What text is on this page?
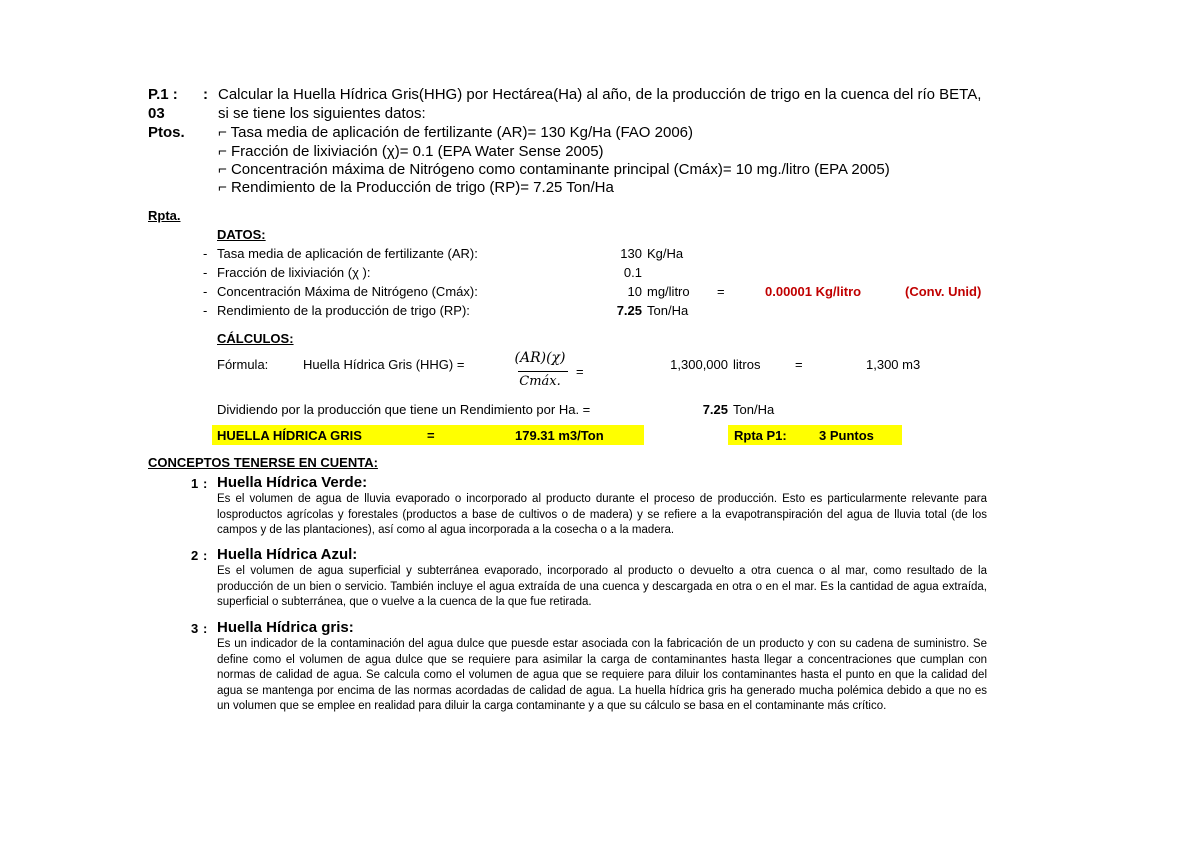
P.1 :
03
Ptos.
: Calcular la Huella Hídrica Gris(HHG) por Hectárea(Ha) al año, de la producción de trigo en la cuenca del río BETA,
si se tiene los siguientes datos:
⌐ Tasa media de aplicación de fertilizante (AR)= 130 Kg/Ha (FAO 2006)
⌐ Fracción de lixiviación (χ)= 0.1 (EPA Water Sense 2005)
⌐ Concentración máxima de Nitrógeno como contaminante principal (Cmáx)= 10 mg./litro (EPA 2005)
⌐ Rendimiento de la Producción de trigo (RP)= 7.25 Ton/Ha
Rpta.
DATOS:
- Tasa media de aplicación de fertilizante (AR):	130 Kg/Ha
- Fracción de lixiviación (χ ):	0.1
- Concentración Máxima de Nitrógeno (Cmáx):	10 mg/litro =	0.00001 Kg/litro	(Conv. Unid)
- Rendimiento de la producción de trigo (RP):	7.25 Ton/Ha
CÁLCULOS:
Fórmula:	Huella Hídrica Gris (HHG) =	(AR)(χ)
Cmáx.
=	1,300,000 litros	=	1,300 m3
Dividiendo por la producción que tiene un Rendimiento por Ha. =	7.25 Ton/Ha
HUELLA HÍDRICA GRIS	=	179.31 m3/Ton	Rpta P1: 3 Puntos
CONCEPTOS TENERSE EN CUENTA:
1 : Huella Hídrica Verde:
Es el volumen de agua de lluvia evaporado o incorporado al producto durante el proceso de producción. Esto es particularmente relevante para losproductos agrícolas y forestales (productos a base de cultivos o de madera) y se refiere a la evapotranspiración del agua de lluvia total (de los campos y de las plantaciones), así como al agua incorporada a la cosecha o a la madera.
2 : Huella Hídrica Azul:
Es el volumen de agua superficial y subterránea evaporado, incorporado al producto o devuelto a otra cuenca o al mar, como resultado de la producción de un bien o servicio. También incluye el agua extraída de una cuenca y descargada en otra o en el mar. Es la cantidad de agua extraída, superficial o subterránea, que o vuelve a la cuenca de la que fue retirada.
3 : Huella Hídrica gris:
Es un indicador de la contaminación del agua dulce que puesde estar asociada con la fabricación de un producto y con su cadena de suministro. Se define como el volumen de agua dulce que se requiere para asimilar la carga de contaminantes hasta llegar a concentraciones que cumplan con normas de calidad de agua. Se calcula como el volumen de agua que se requiere para diluir los contaminantes hasta el punto en que la calidad del agua se mantenga por encima de las normas acordadas de calidad de agua. La huella hídrica gris ha generado mucha polémica debido a que no es un volumen que se emplee en realidad para diluir la carga contaminante y a que su cálculo se basa en el contaminante más crítico.
